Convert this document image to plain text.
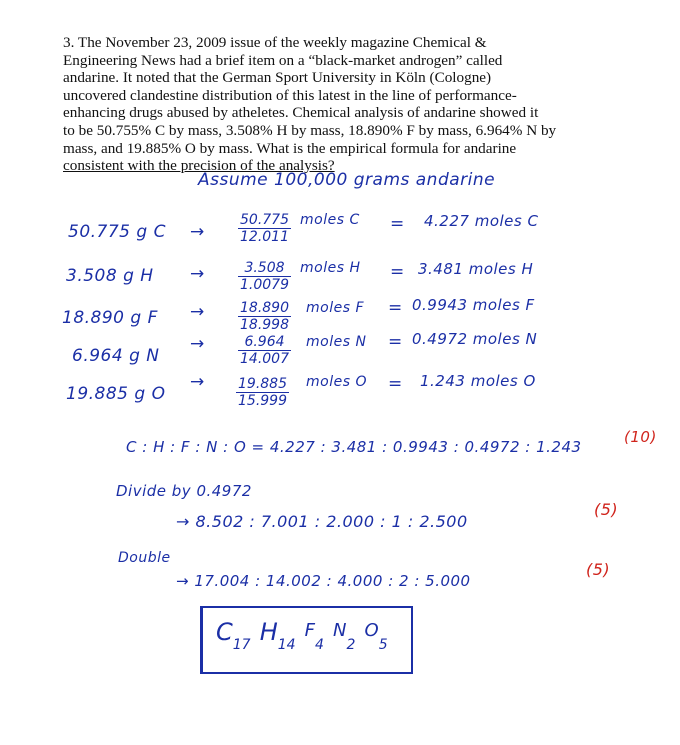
3. The November 23, 2009 issue of the weekly magazine Chemical &
Engineering News had a brief item on a “black-market androgen” called
andarine. It noted that the German Sport University in Köln (Cologne)
uncovered clandestine distribution of this latest in the line of performance-
enhancing drugs abused by atheletes. Chemical analysis of andarine showed it
to be 50.755% C by mass, 3.508% H by mass, 18.890% F by mass, 6.964% N by
mass, and 19.885% O by mass. What is the empirical formula for andarine
consistent with the precision of the analysis?
Assume 100,000 grams andarine
50.775 g $C \to \frac{50.775}{12.011}$ moles C = 4.227 moles C
3.508 g $H \to \frac{3.508}{1.0079}$ moles H = 3.481 moles H
18.890 g $F \to \frac{18.890}{18.998}$ moles F = 0.9943 moles F
6.964 g N
→ $\frac{6.964}{14.007}$ moles N = 0.4972 moles N
19.885 g O
→ $\frac{19.885}{15.999}$ moles O = 1.243 moles O
C : H : F : N : O = 4.227 : 3.481 : 0.9943 : 0.4972 : 1.243
(10)
Divide by 0.4972
→ 8.502 : 7.001 : 2.000 : 1 : 2.500
(5)
Double
→ 17.004 : 14.002 : 4.000 : 2 : 5.000
(5)
C17 H14 F4 N2 O5
